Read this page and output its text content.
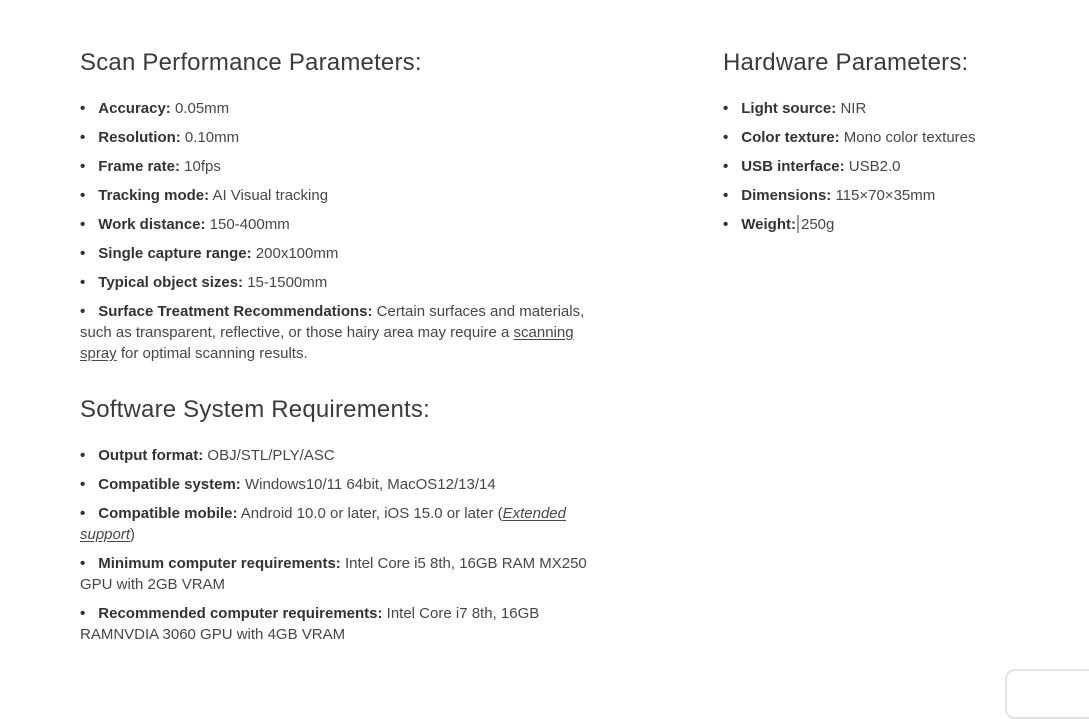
Scan Performance Parameters:
• Accuracy: 0.05mm
• Resolution: 0.10mm
• Frame rate: 10fps
• Tracking mode: AI Visual tracking
• Work distance: 150-400mm
• Single capture range: 200x100mm
• Typical object sizes: 15-1500mm
• Surface Treatment Recommendations: Certain surfaces and materials, such as transparent, reflective, or those hairy area may require a scanning spray for optimal scanning results.
Software System Requirements:
• Output format: OBJ/STL/PLY/ASC
• Compatible system: Windows10/11 64bit, MacOS12/13/14
• Compatible mobile: Android 10.0 or later, iOS 15.0 or later (Extended support)
• Minimum computer requirements: Intel Core i5 8th, 16GB RAM MX250 GPU with 2GB VRAM
• Recommended computer requirements: Intel Core i7 8th, 16GB RAMNVDIA 3060 GPU with 4GB VRAM
Hardware Parameters:
• Light source: NIR
• Color texture: Mono color textures
• USB interface: USB2.0
• Dimensions: 115×70×35mm
• Weight: 250g
